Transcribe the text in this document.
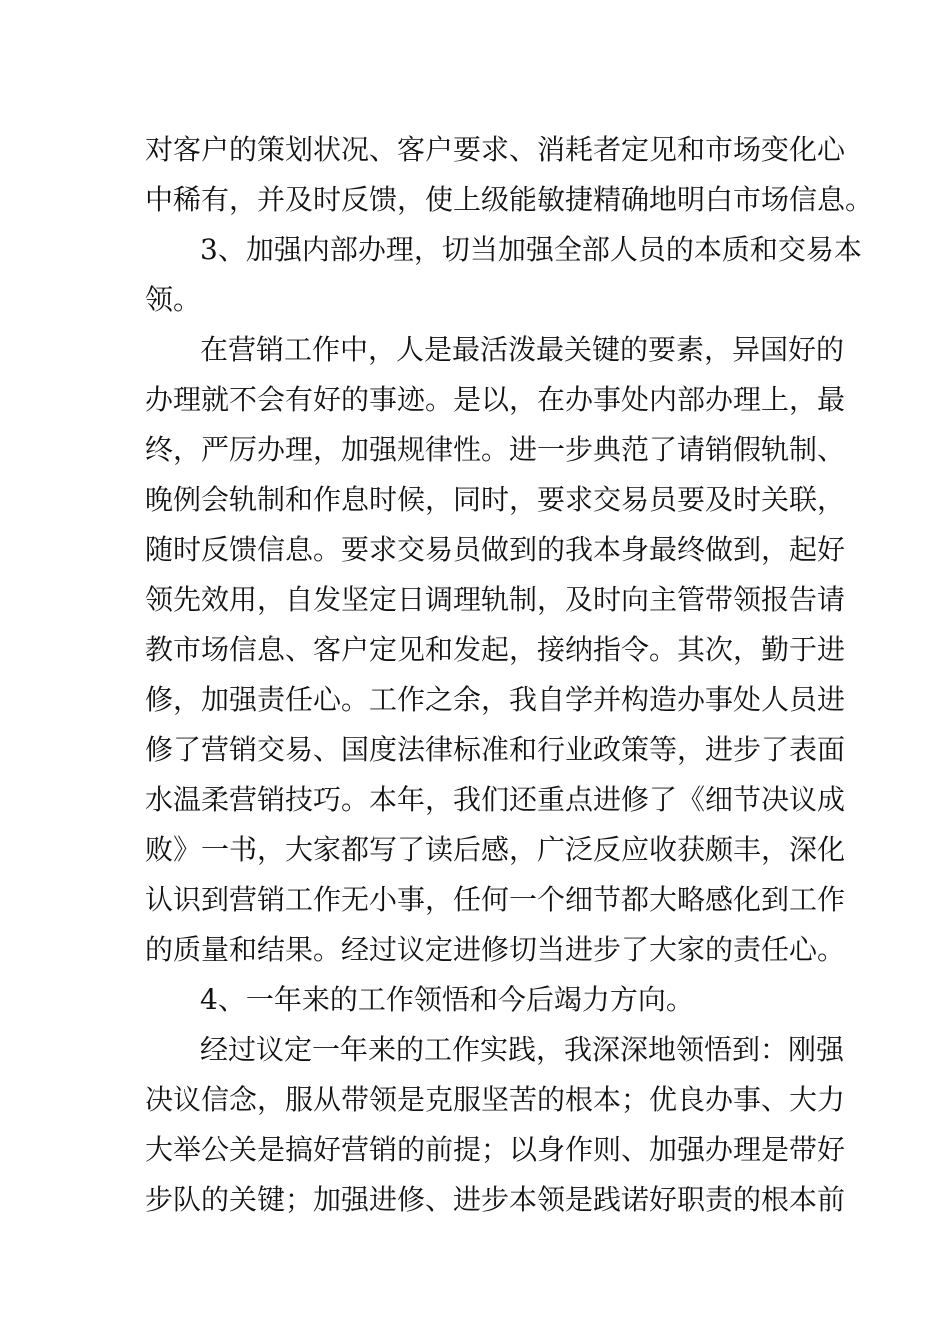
对客户的策划状况、客户要求、消耗者定见和市场变化心

中稀有，并及时反馈，使上级能敏捷精确地明白市场信息。

3、加强内部办理，切当加强全部人员的本质和交易本

领。

在营销工作中，人是最活泼最关键的要素，异国好的

办理就不会有好的事迹。是以，在办事处内部办理上，最

终，严厉办理，加强规律性。进一步典范了请销假轨制、

晚例会轨制和作息时候，同时，要求交易员要及时关联，

随时反馈信息。要求交易员做到的我本身最终做到，起好

领先效用，自发坚定日调理轨制，及时向主管带领报告请

教市场信息、客户定见和发起，接纳指令。其次，勤于进

修，加强责任心。工作之余，我自学并构造办事处人员进

修了营销交易、国度法律标准和行业政策等，进步了表面

水温柔营销技巧。本年，我们还重点进修了《细节决议成

败》一书，大家都写了读后感，广泛反应收获颇丰，深化

认识到营销工作无小事，任何一个细节都大略感化到工作

的质量和结果。经过议定进修切当进步了大家的责任心。

4、一年来的工作领悟和今后竭力方向。

经过议定一年来的工作实践，我深深地领悟到：刚强

决议信念，服从带领是克服坚苦的根本；优良办事、大力

大举公关是搞好营销的前提；以身作则、加强办理是带好

步队的关键；加强进修、进步本领是践诺好职责的根本前
